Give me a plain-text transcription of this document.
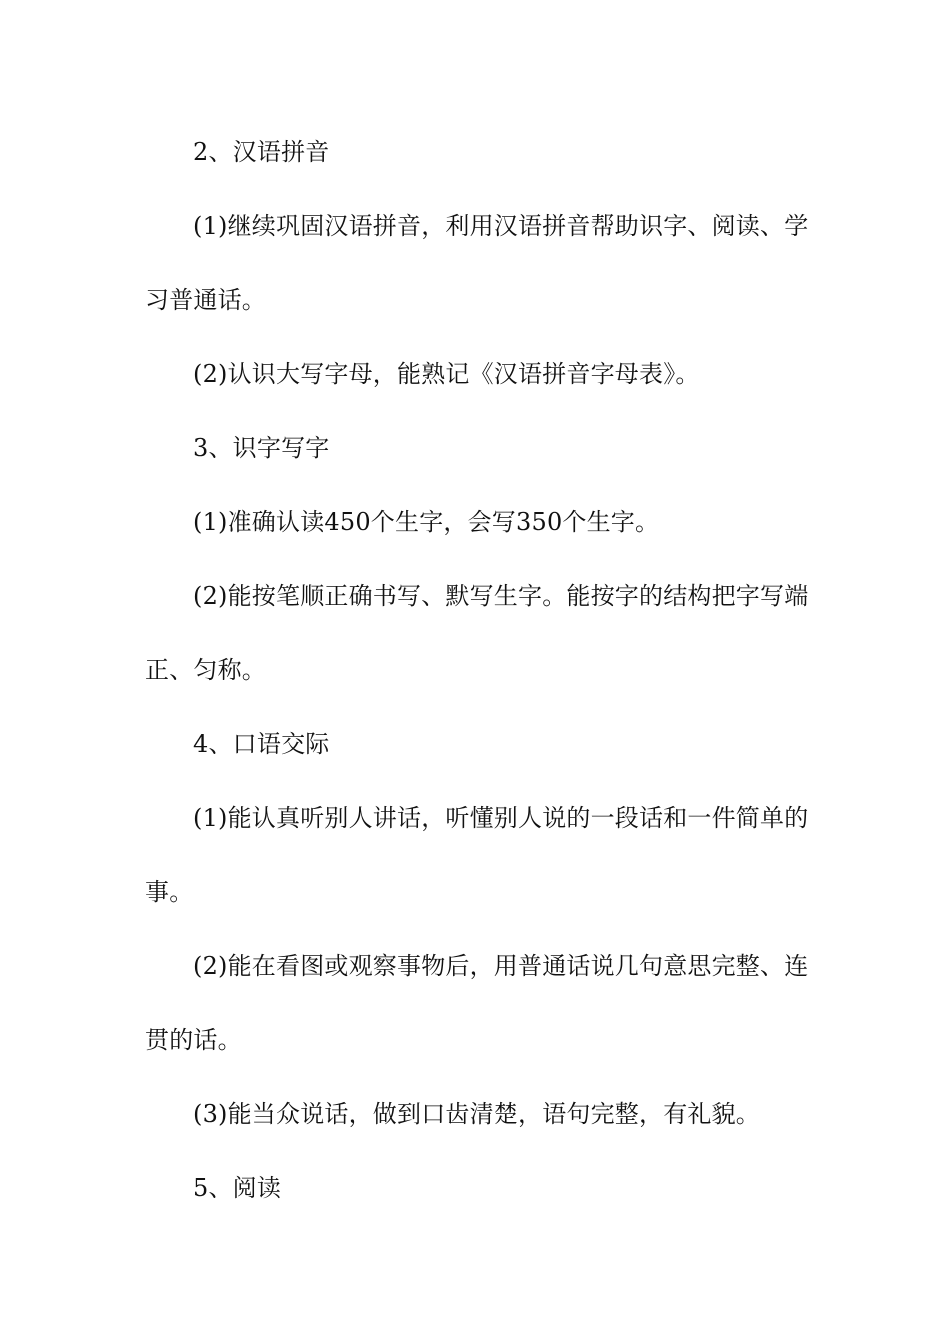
2、汉语拼音
(1)继续巩固汉语拼音，利用汉语拼音帮助识字、阅读、学
习普通话。
(2)认识大写字母，能熟记《汉语拼音字母表》。
3、识字写字
(1)准确认读450个生字，会写350个生字。
(2)能按笔顺正确书写、默写生字。能按字的结构把字写端
正、匀称。
4、口语交际
(1)能认真听别人讲话，听懂别人说的一段话和一件简单的
事。
(2)能在看图或观察事物后，用普通话说几句意思完整、连
贯的话。
(3)能当众说话，做到口齿清楚，语句完整，有礼貌。
5、阅读
